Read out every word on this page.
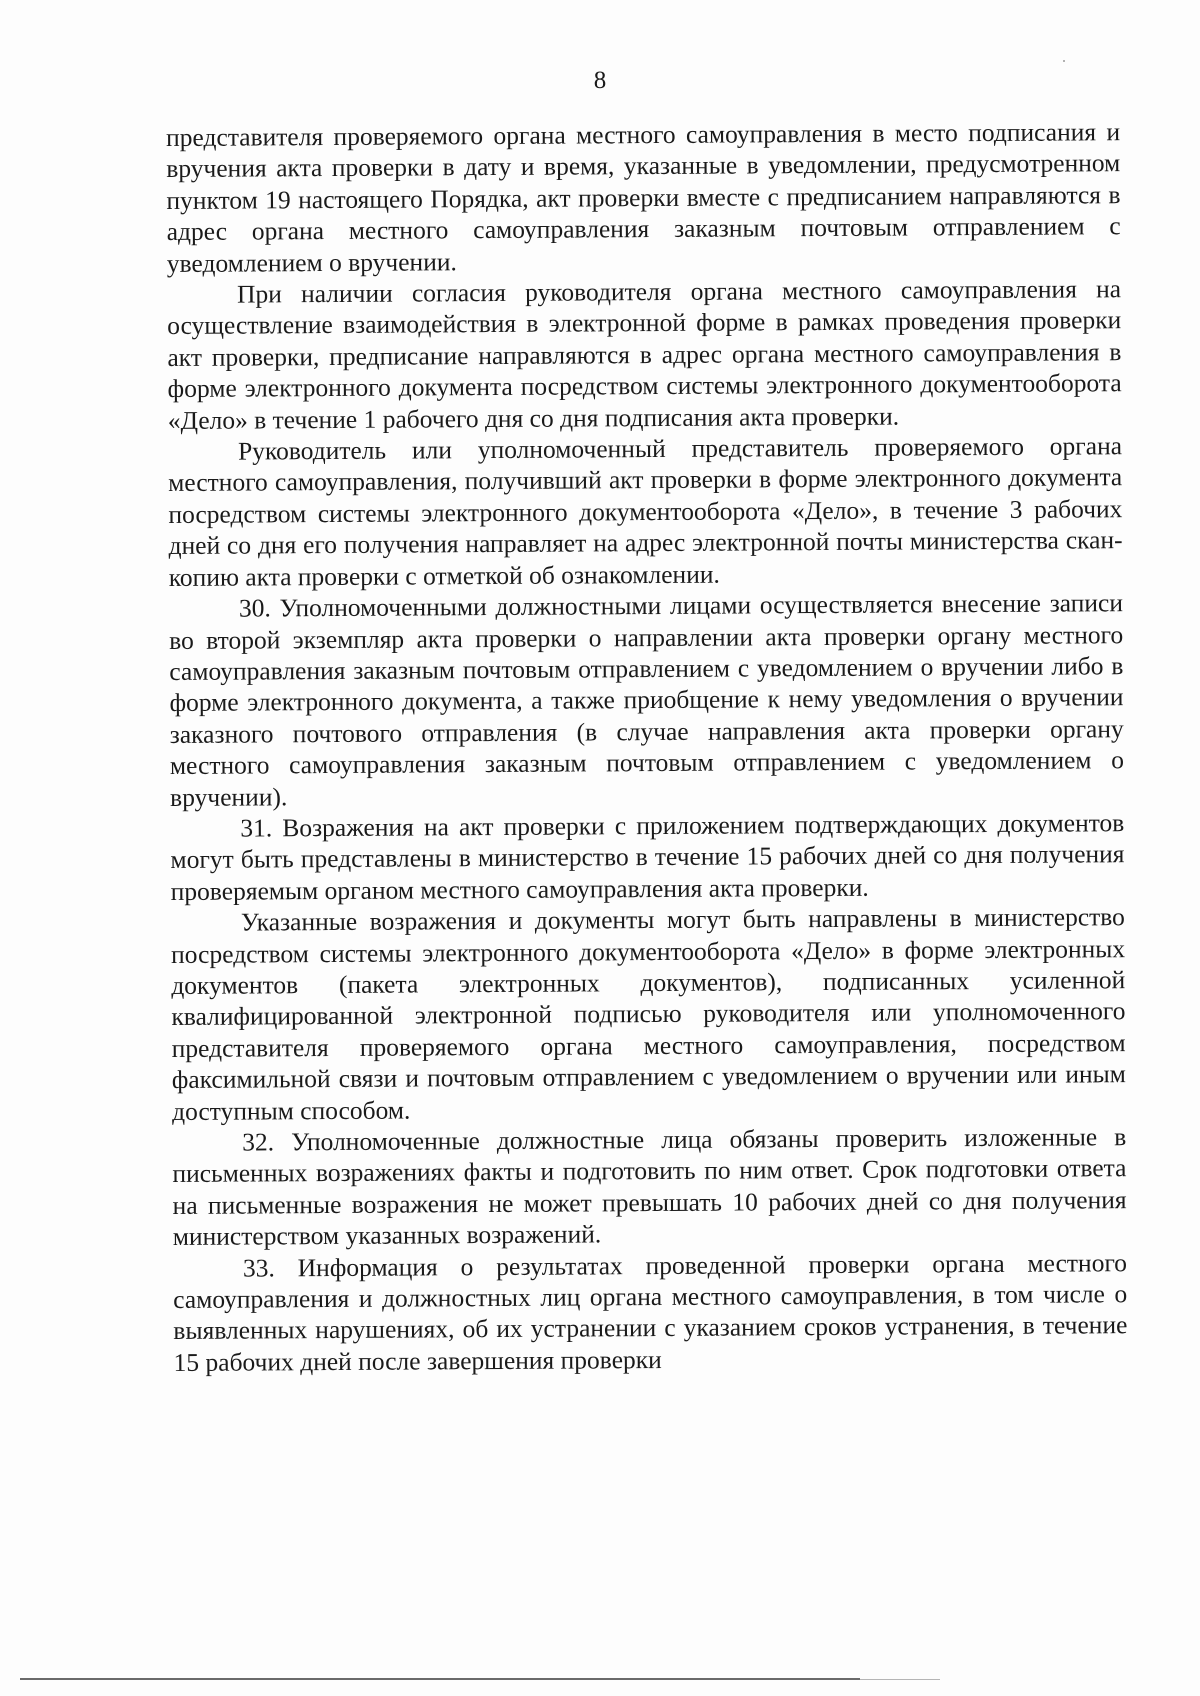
8

представителя проверяемого органа местного самоуправления в место подписания и вручения акта проверки в дату и время, указанные в уведомлении, предусмотренном пунктом 19 настоящего Порядка, акт проверки вместе с предписанием направляются в адрес органа местного самоуправления заказным почтовым отправлением с уведомлением о вручении.

При наличии согласия руководителя органа местного самоуправления на осуществление взаимодействия в электронной форме в рамках проведения проверки акт проверки, предписание направляются в адрес органа местного самоуправления в форме электронного документа посредством системы электронного документооборота «Дело» в течение 1 рабочего дня со дня подписания акта проверки.

Руководитель или уполномоченный представитель проверяемого органа местного самоуправления, получивший акт проверки в форме электронного документа посредством системы электронного документооборота «Дело», в течение 3 рабочих дней со дня его получения направляет на адрес электронной почты министерства скан-копию акта проверки с отметкой об ознакомлении.

30. Уполномоченными должностными лицами осуществляется внесение записи во второй экземпляр акта проверки о направлении акта проверки органу местного самоуправления заказным почтовым отправлением с уведомлением о вручении либо в форме электронного документа, а также приобщение к нему уведомления о вручении заказного почтового отправления (в случае направления акта проверки органу местного самоуправления заказным почтовым отправлением с уведомлением о вручении).

31. Возражения на акт проверки с приложением подтверждающих документов могут быть представлены в министерство в течение 15 рабочих дней со дня получения проверяемым органом местного самоуправления акта проверки.

Указанные возражения и документы могут быть направлены в министерство посредством системы электронного документооборота «Дело» в форме электронных документов (пакета электронных документов), подписанных усиленной квалифицированной электронной подписью руководителя или уполномоченного представителя проверяемого органа местного самоуправления, посредством факсимильной связи и почтовым отправлением с уведомлением о вручении или иным доступным способом.

32. Уполномоченные должностные лица обязаны проверить изложенные в письменных возражениях факты и подготовить по ним ответ. Срок подготовки ответа на письменные возражения не может превышать 10 рабочих дней со дня получения министерством указанных возражений.

33. Информация о результатах проведенной проверки органа местного самоуправления и должностных лиц органа местного самоуправления, в том числе о выявленных нарушениях, об их устранении с указанием сроков устранения, в течение 15 рабочих дней после завершения проверки
